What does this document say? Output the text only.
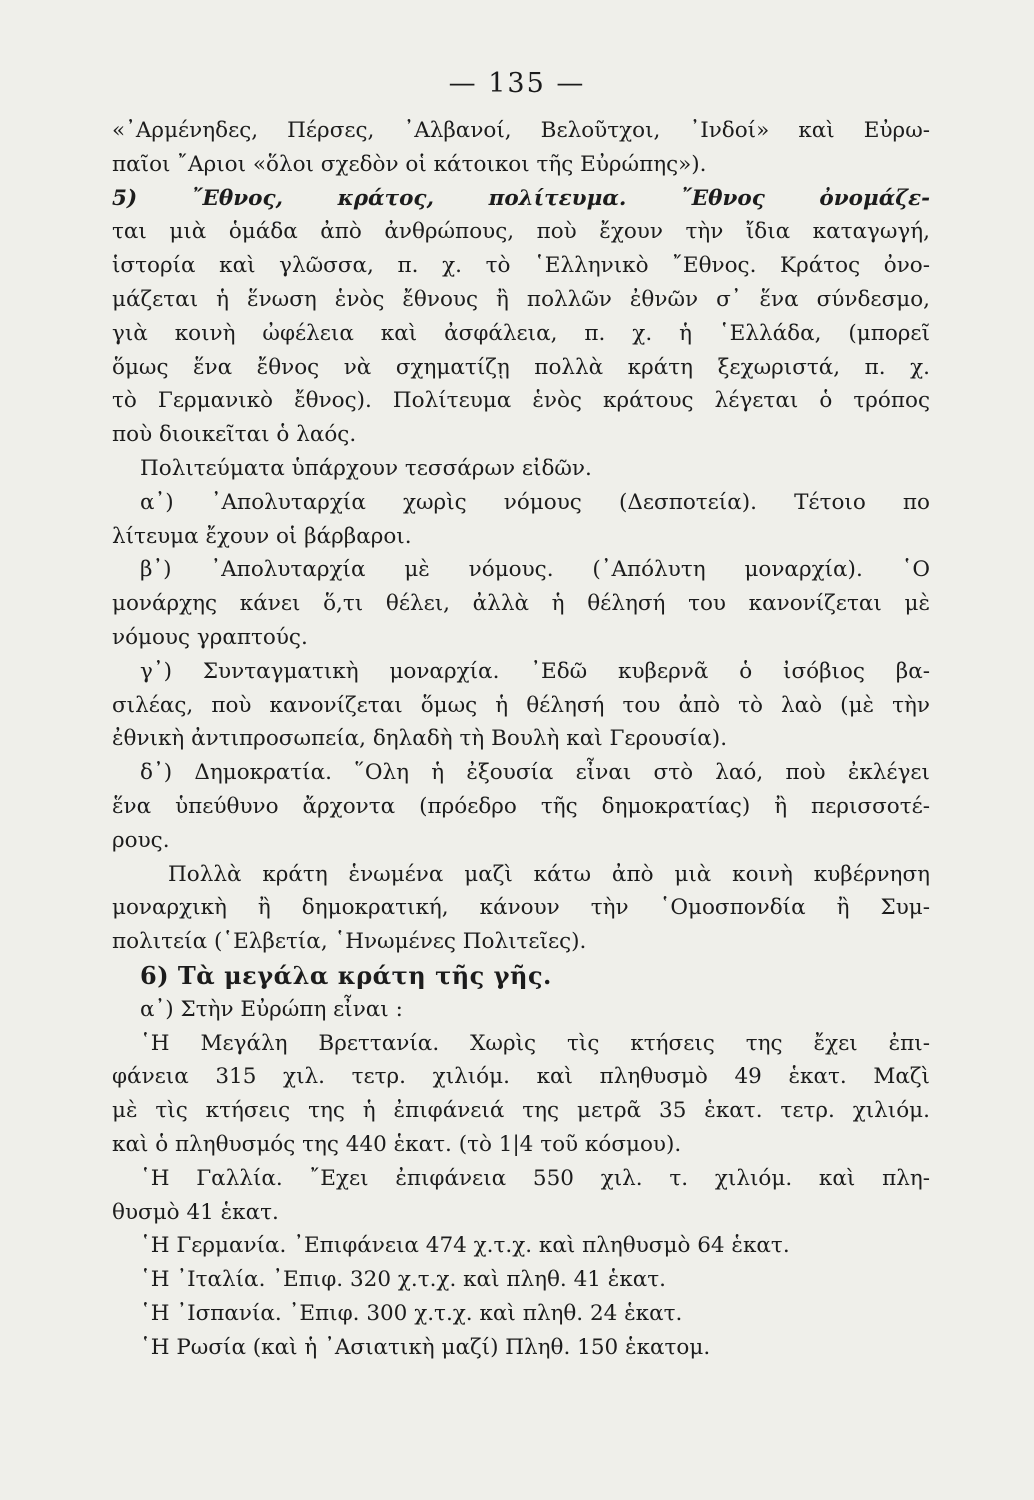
— 135 —
«᾽Αρμένηδες, Πέρσες, ᾽Αλβανοί, Βελοῦτχοι, ᾽Ινδοί» καὶ Εὐρω-
παῖοι ῎Αριοι «ὅλοι σχεδὸν οἱ κάτοικοι τῆς Εὐρώπης»).
5) ῎Εθνος, κράτος, πολίτευμα. ῎Εθνος ὀνομάζε-
ται μιὰ ὁμάδα ἀπὸ ἀνθρώπους, ποὺ ἔχουν τὴν ἴδια καταγωγή,
ἱστορία καὶ γλῶσσα, π. χ. τὸ ῾Ελληνικὸ ῎Εθνος. Κράτος ὀνο-
μάζεται ἡ ἕνωση ἑνὸς ἔθνους ἢ πολλῶν ἐθνῶν σ᾽ ἕνα σύνδεσμο,
γιὰ κοινὴ ὠφέλεια καὶ ἀσφάλεια, π. χ. ἡ ῾Ελλάδα, (μπορεῖ
ὅμως ἕνα ἔθνος νὰ σχηματίζῃ πολλὰ κράτη ξεχωριστά, π. χ.
τὸ Γερμανικὸ ἔθνος). Πολίτευμα ἑνὸς κράτους λέγεται ὁ τρόπος
ποὺ διοικεῖται ὁ λαός.
Πολιτεύματα ὑπάρχουν τεσσάρων εἰδῶν.
α᾽) ᾽Απολυταρχία χωρὶς νόμους (Δεσποτεία). Τέτοιο πο
λίτευμα ἔχουν οἱ βάρβαροι.
β᾽) ᾽Απολυταρχία μὲ νόμους. (᾽Απόλυτη μοναρχία). ῾Ο
μονάρχης κάνει ὅ,τι θέλει, ἀλλὰ ἡ θέλησή του κανονίζεται μὲ
νόμους γραπτούς.
γ᾽) Συνταγματικὴ μοναρχία. ᾽Εδῶ κυβερνᾶ ὁ ἰσόβιος βα-
σιλέας, ποὺ κανονίζεται ὅμως ἡ θέλησή του ἀπὸ τὸ λαὸ (μὲ τὴν
ἐθνικὴ ἀντιπροσωπεία, δηλαδὴ τὴ Βουλὴ καὶ Γερουσία).
δ᾽) Δημοκρατία. ῞Ολη ἡ ἐξουσία εἶναι στὸ λαό, ποὺ ἐκλέγει
ἕνα ὑπεύθυνο ἄρχοντα (πρόεδρο τῆς δημοκρατίας) ἢ περισσοτέ-
ρους.
Πολλὰ κράτη ἑνωμένα μαζὶ κάτω ἀπὸ μιὰ κοινὴ κυβέρνηση
μοναρχικὴ ἢ δημοκρατική, κάνουν τὴν ῾Ομοσπονδία ἢ Συμ-
πολιτεία (῾Ελβετία, ῾Ηνωμένες Πολιτεῖες).
6) Τὰ μεγάλα κράτη τῆς γῆς.
α᾽) Στὴν Εὐρώπη εἶναι :
῾Η Μεγάλη Βρεττανία. Χωρὶς τὶς κτήσεις της ἔχει ἐπι-
φάνεια 315 χιλ. τετρ. χιλιόμ. καὶ πληθυσμὸ 49 ἑκατ. Μαζὶ
μὲ τὶς κτήσεις της ἡ ἐπιφάνειά της μετρᾶ 35 ἑκατ. τετρ. χιλιόμ.
καὶ ὁ πληθυσμός της 440 ἑκατ. (τὸ 1|4 τοῦ κόσμου).
῾Η Γαλλία. ῎Εχει ἐπιφάνεια 550 χιλ. τ. χιλιόμ. καὶ πλη-
θυσμὸ 41 ἑκατ.
῾Η Γερμανία. ᾽Επιφάνεια 474 χ.τ.χ. καὶ πληθυσμὸ 64 ἑκατ.
῾Η ᾽Ιταλία. ᾽Επιφ. 320 χ.τ.χ. καὶ πληθ. 41 ἑκατ.
῾Η ᾽Ισπανία. ᾽Επιφ. 300 χ.τ.χ. καὶ πληθ. 24 ἑκατ.
῾Η Ρωσία (καὶ ἡ ᾽Ασιατικὴ μαζί) Πληθ. 150 ἑκατομ.
